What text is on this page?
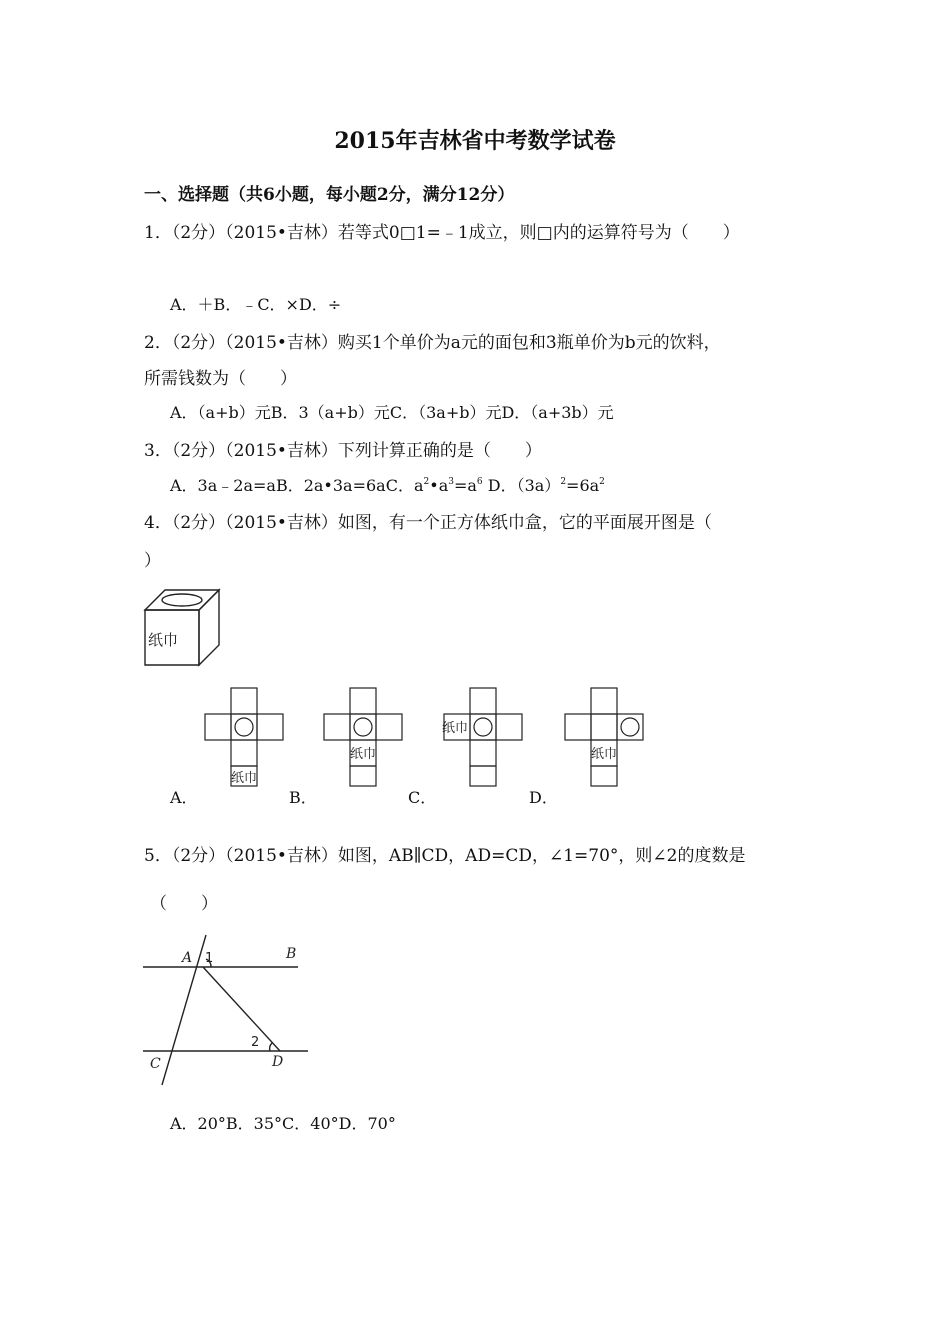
2015年吉林省中考数学试卷
一、选择题（共6小题，每小题2分，满分12分）
1．（2分）（2015•吉林）若等式0□1=﹣1成立，则□内的运算符号为（　　）
A．＋B．﹣C．×D．÷
2．（2分）（2015•吉林）购买1个单价为a元的面包和3瓶单价为b元的饮料，
所需钱数为（　　）
A．（a+b）元B．3（a+b）元C．（3a+b）元D．（a+3b）元
3．（2分）（2015•吉林）下列计算正确的是（　　）
A．3a﹣2a=aB．2a•3a=6aC．$a^2•a^3=a^6$ D．$(3a)^2=6a^2$
4．（2分）（2015•吉林）如图，有一个正方体纸巾盒，它的平面展开图是（
）
纸巾
纸巾
A．
纸巾
B．
纸巾
C．
纸巾
D．
5．（2分）（2015•吉林）如图，AB∥CD，AD=CD，∠1=70°，则∠2的度数是
（　　）
A	B
C	D
1
2
A．20°B．35°C．40°D．70°
